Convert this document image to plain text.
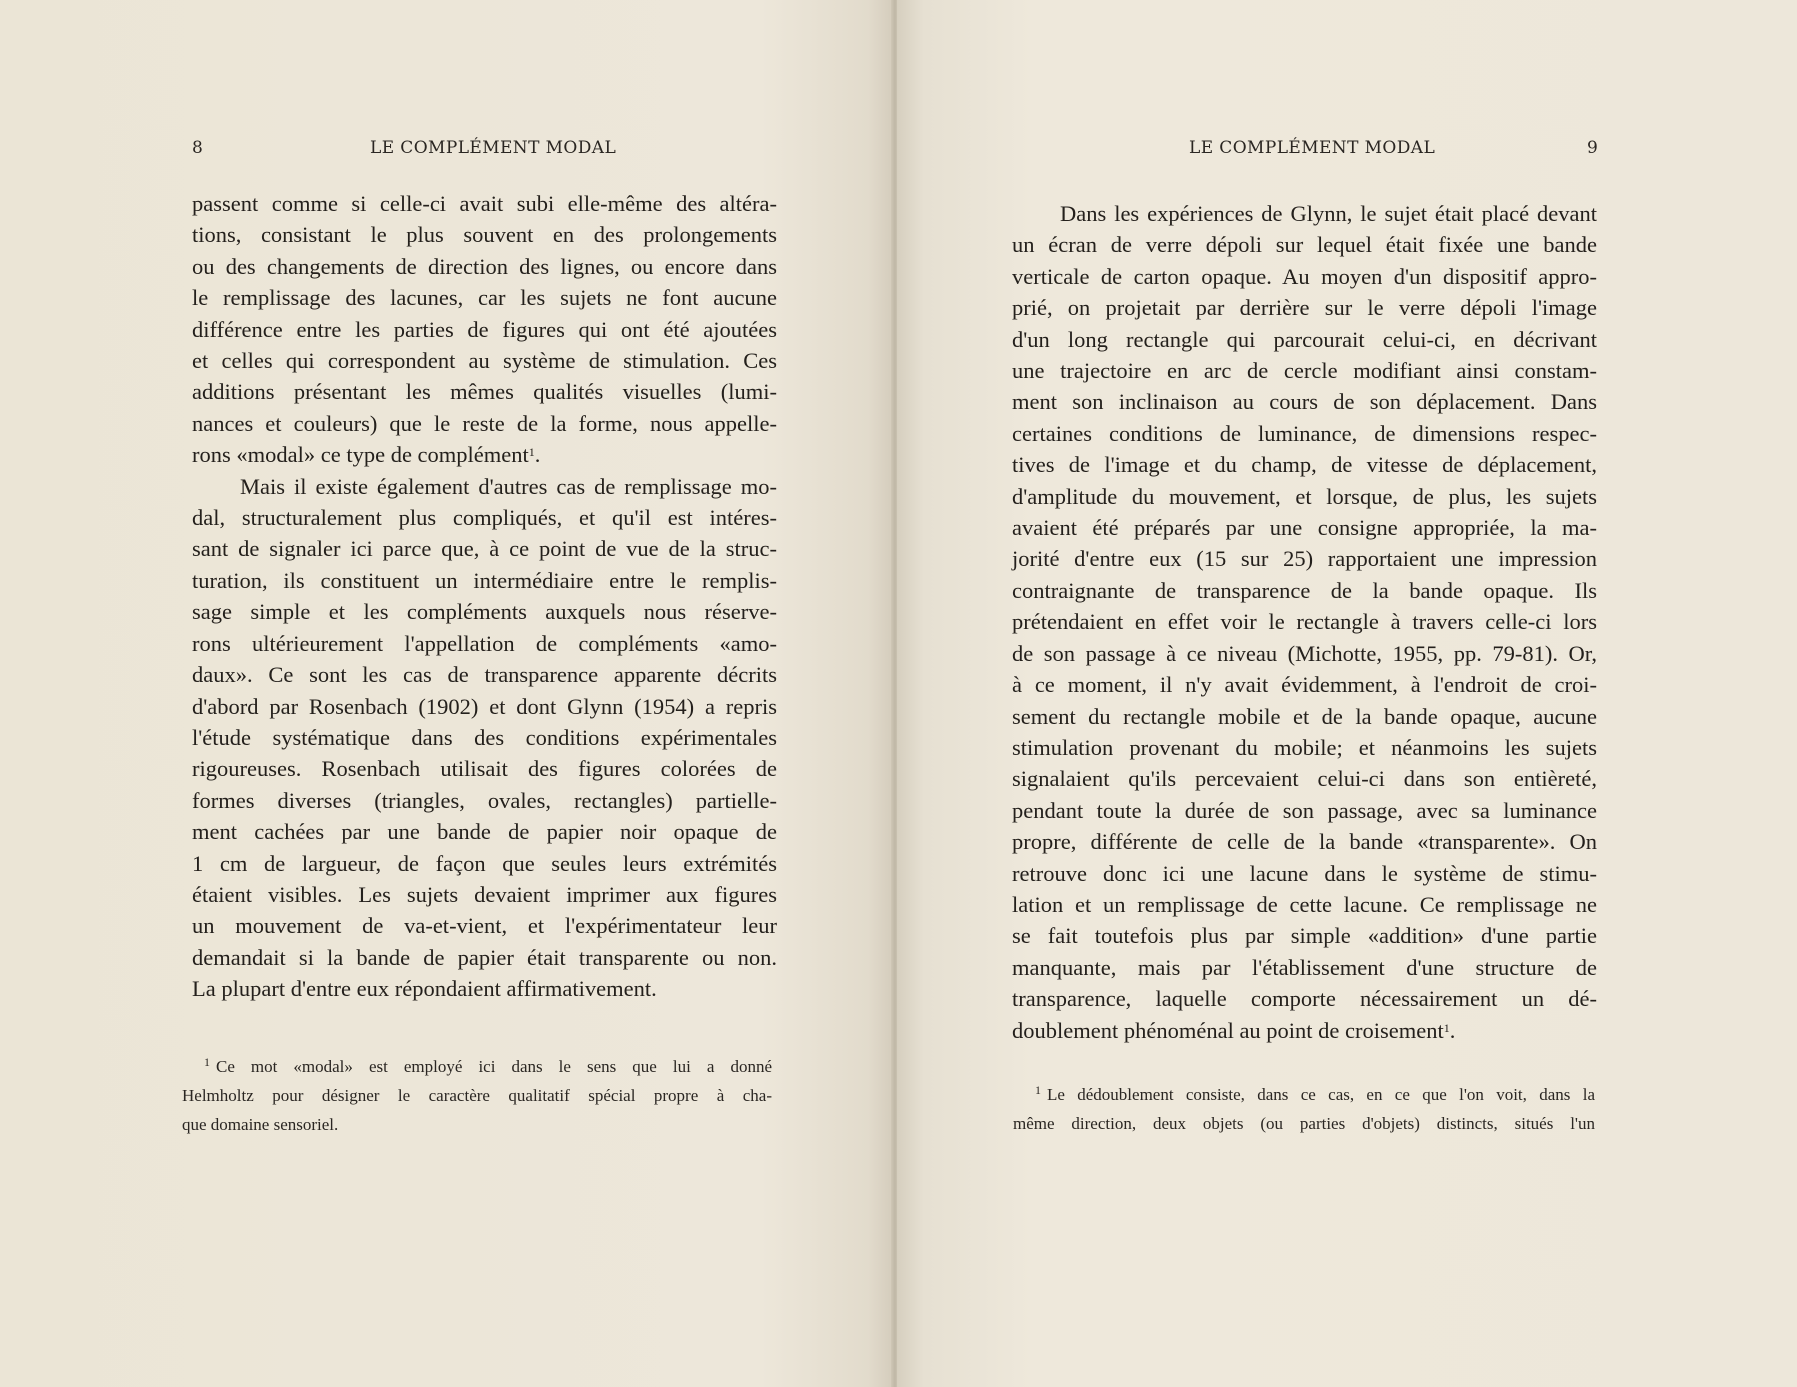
8	LE COMPLÉMENT MODAL
passent comme si celle-ci avait subi elle-même des altéra-
tions, consistant le plus souvent en des prolongements
ou des changements de direction des lignes, ou encore dans
le remplissage des lacunes, car les sujets ne font aucune
différence entre les parties de figures qui ont été ajoutées
et celles qui correspondent au système de stimulation. Ces
additions présentant les mêmes qualités visuelles (lumi-
nances et couleurs) que le reste de la forme, nous appelle-
rons «modal» ce type de complément$^1$.
Mais il existe également d'autres cas de remplissage mo-
dal, structuralement plus compliqués, et qu'il est intéres-
sant de signaler ici parce que, à ce point de vue de la struc-
turation, ils constituent un intermédiaire entre le remplis-
sage simple et les compléments auxquels nous réserve-
rons ultérieurement l'appellation de compléments «amo-
daux». Ce sont les cas de transparence apparente décrits
d'abord par Rosenbach (1902) et dont Glynn (1954) a repris
l'étude systématique dans des conditions expérimentales
rigoureuses. Rosenbach utilisait des figures colorées de
formes diverses (triangles, ovales, rectangles) partielle-
ment cachées par une bande de papier noir opaque de
1 cm de largueur, de façon que seules leurs extrémités
étaient visibles. Les sujets devaient imprimer aux figures
un mouvement de va-et-vient, et l'expérimentateur leur
demandait si la bande de papier était transparente ou non.
La plupart d'entre eux répondaient affirmativement.
$^1$ Ce mot «modal» est employé ici dans le sens que lui a donné
Helmholtz pour désigner le caractère qualitatif spécial propre à cha-
que domaine sensoriel.
LE COMPLÉMENT MODAL	9
Dans les expériences de Glynn, le sujet était placé devant
un écran de verre dépoli sur lequel était fixée une bande
verticale de carton opaque. Au moyen d'un dispositif appro-
prié, on projetait par derrière sur le verre dépoli l'image
d'un long rectangle qui parcourait celui-ci, en décrivant
une trajectoire en arc de cercle modifiant ainsi constam-
ment son inclinaison au cours de son déplacement. Dans
certaines conditions de luminance, de dimensions respec-
tives de l'image et du champ, de vitesse de déplacement,
d'amplitude du mouvement, et lorsque, de plus, les sujets
avaient été préparés par une consigne appropriée, la ma-
jorité d'entre eux (15 sur 25) rapportaient une impression
contraignante de transparence de la bande opaque. Ils
prétendaient en effet voir le rectangle à travers celle-ci lors
de son passage à ce niveau (Michotte, 1955, pp. 79-81). Or,
à ce moment, il n'y avait évidemment, à l'endroit de croi-
sement du rectangle mobile et de la bande opaque, aucune
stimulation provenant du mobile; et néanmoins les sujets
signalaient qu'ils percevaient celui-ci dans son entièreté,
pendant toute la durée de son passage, avec sa luminance
propre, différente de celle de la bande «transparente». On
retrouve donc ici une lacune dans le système de stimu-
lation et un remplissage de cette lacune. Ce remplissage ne
se fait toutefois plus par simple «addition» d'une partie
manquante, mais par l'établissement d'une structure de
transparence, laquelle comporte nécessairement un dé-
doublement phénoménal au point de croisement$^1$.
$^1$ Le dédoublement consiste, dans ce cas, en ce que l'on voit, dans la
même direction, deux objets (ou parties d'objets) distincts, situés l'un
